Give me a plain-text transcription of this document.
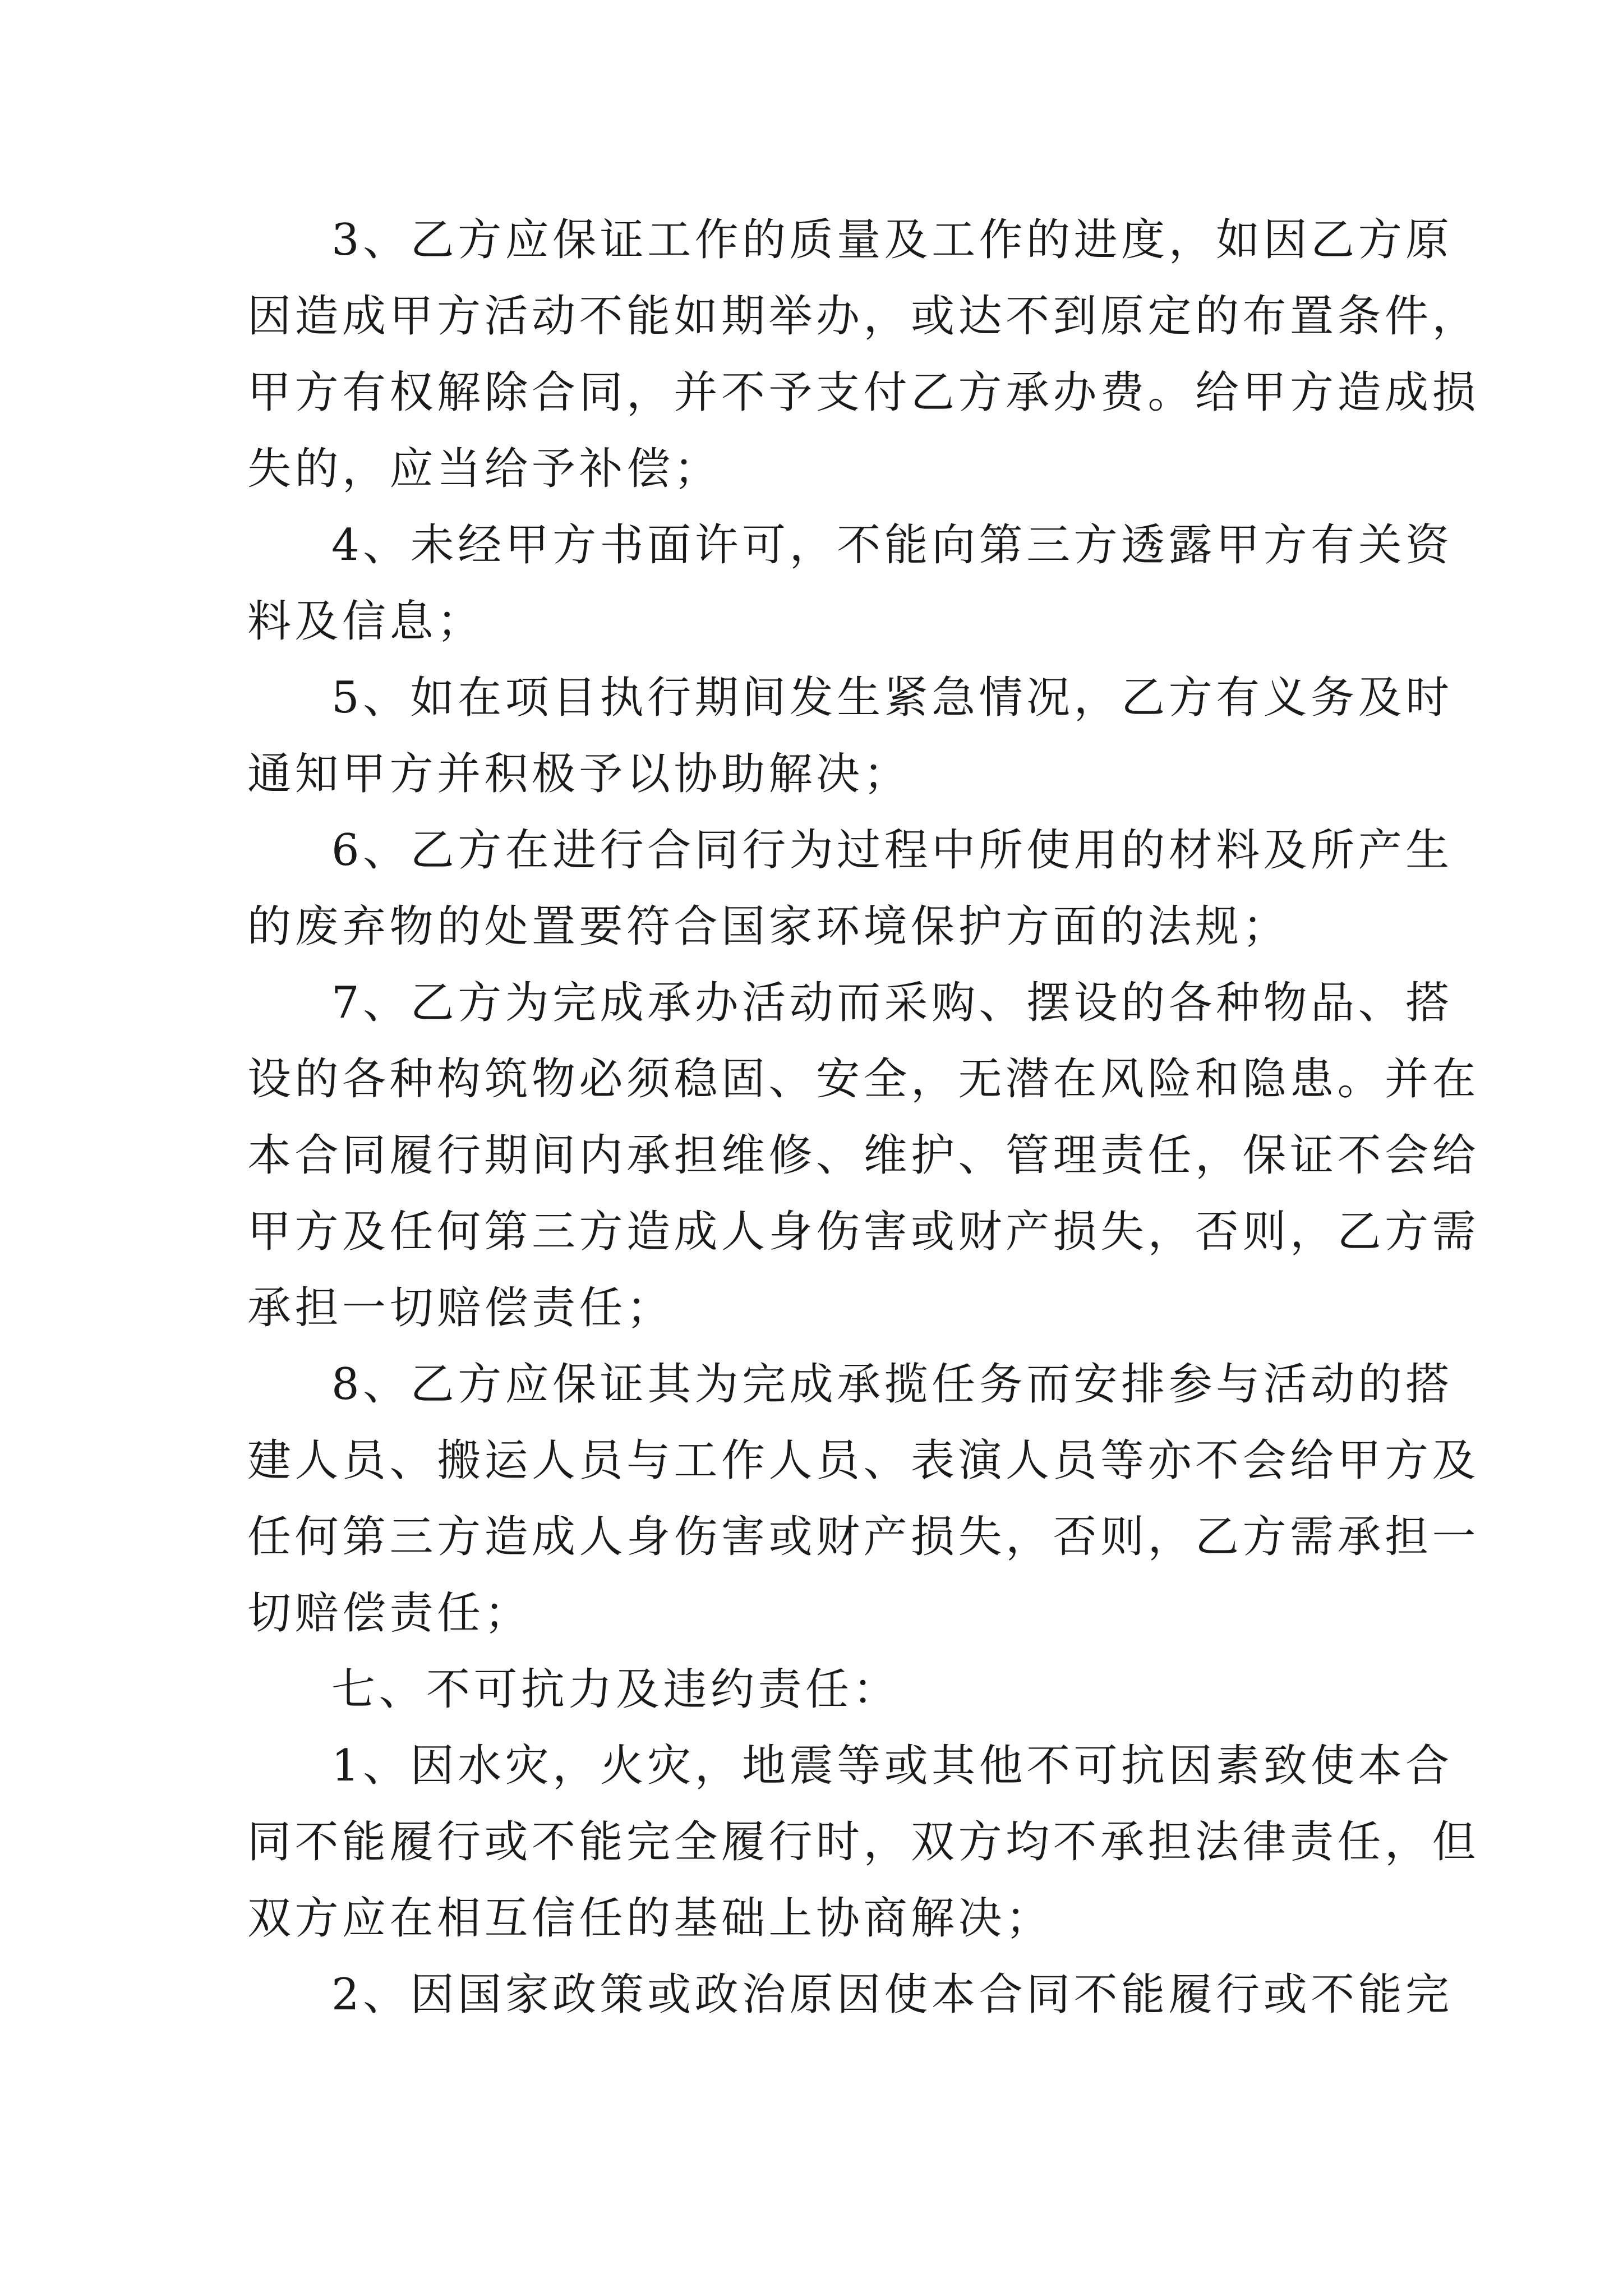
3、乙方应保证工作的质量及工作的进度，如因乙方原
因造成甲方活动不能如期举办，或达不到原定的布置条件，
甲方有权解除合同，并不予支付乙方承办费。给甲方造成损
失的，应当给予补偿；
4、未经甲方书面许可，不能向第三方透露甲方有关资
料及信息；
5、如在项目执行期间发生紧急情况，乙方有义务及时
通知甲方并积极予以协助解决；
6、乙方在进行合同行为过程中所使用的材料及所产生
的废弃物的处置要符合国家环境保护方面的法规；
7、乙方为完成承办活动而采购、摆设的各种物品、搭
设的各种构筑物必须稳固、安全，无潜在风险和隐患。并在
本合同履行期间内承担维修、维护、管理责任，保证不会给
甲方及任何第三方造成人身伤害或财产损失，否则，乙方需
承担一切赔偿责任；
8、乙方应保证其为完成承揽任务而安排参与活动的搭
建人员、搬运人员与工作人员、表演人员等亦不会给甲方及
任何第三方造成人身伤害或财产损失，否则，乙方需承担一
切赔偿责任；
七、不可抗力及违约责任：
1、因水灾，火灾，地震等或其他不可抗因素致使本合
同不能履行或不能完全履行时，双方均不承担法律责任，但
双方应在相互信任的基础上协商解决；
2、因国家政策或政治原因使本合同不能履行或不能完
